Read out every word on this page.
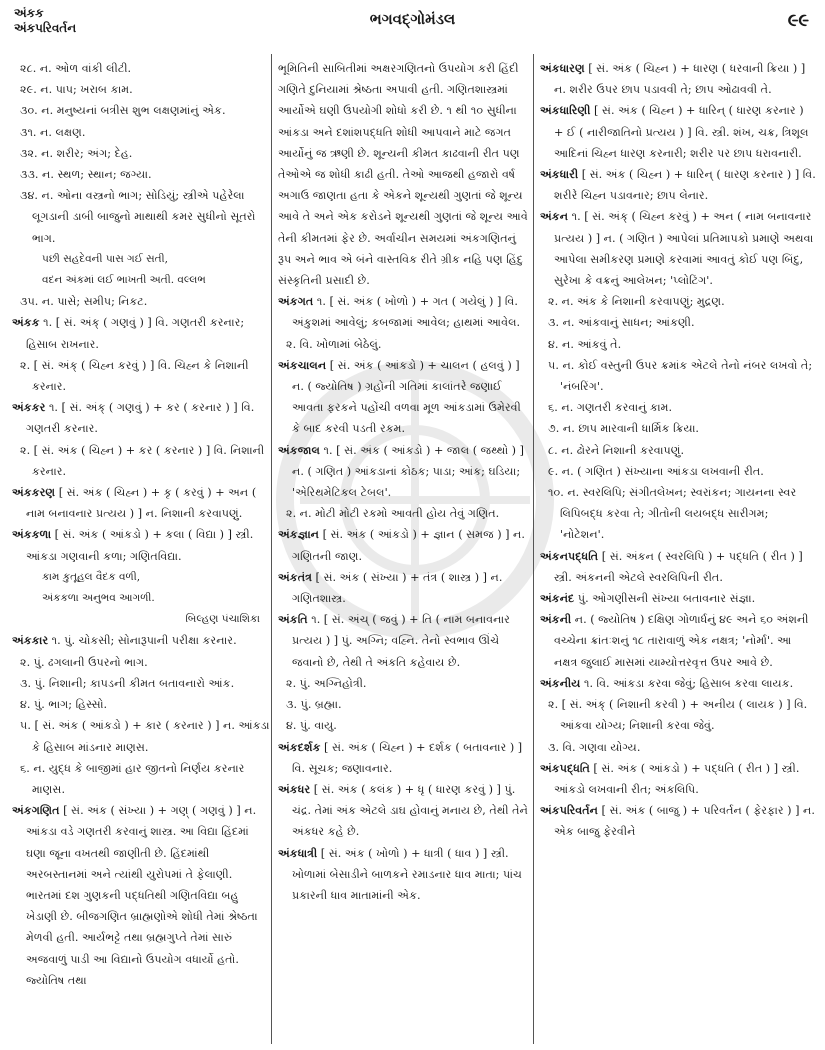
અંકક
અંકપરિવર્તન	ભગવદ્ગોમંડલ	૯૯

૨૮. ન. ઓળ વાંકી લીટી.

૨૯. ન. પાપ; ખરાબ કામ.

૩૦. ન. મનુષ્યનાં બત્રીસ શુભ લક્ષણમાંનું એક.

૩૧. ન. લક્ષણ.

૩૨. ન. શરીર; અંગ; દેહ.

૩૩. ન. સ્થળ; સ્થાન; જગ્યા.

૩૪. ન. ઓના વસ્ત્રનો ભાગ; સોડિયું; સ્ત્રીએ પહેરેલા લૂગડાની ડાબી બાજુનો માથાથી કમર સુધીનો સૂતરો ભાગ.

પછી સહદેવની પાસ ગઈ સતી,

વદન અંકમાં લઈ ભાખતી અતી. વલ્લભ

૩૫. ન. પાસે; સમીપ; નિકટ.

અંકક ૧. [ સં. અંક્ ( ગણવું ) ] વિ. ગણતરી કરનાર; હિસાબ રાખનાર.

૨. [ સં. અંક્ ( ચિહ્ન કરવું ) ] વિ. ચિહ્ન કે નિશાની કરનાર.

અંકકર ૧. [ સં. અંક્ ( ગણવું ) + કર ( કરનાર ) ] વિ. ગણતરી કરનાર.

૨. [ સં. અંક ( ચિહ્ન ) + કર ( કરનાર ) ] વિ. નિશાની કરનાર.

અંકકરણ [ સં. અંક ( ચિહ્ન ) + કૃ ( કરવું ) + અન ( નામ બનાવનાર પ્રત્યય ) ] ન. નિશાની કરવાપણું.

અંકકળા [ સં. અંક ( આંકડો ) + કલા ( વિદ્યા ) ] સ્ત્રી. આંકડા ગણવાની કળા; ગણિતવિદ્યા.

કામ કુતૂહલ વૈદક વળી,

અંકકળા અનુભવ આગળી.

બિલ્હણ પંચાશિકા

અંકકાર ૧. પું. ચોકસી; સોનારૂપાની પરીક્ષા કરનાર.

૨. પું. ઢગલાની ઉપરનો ભાગ.

૩. પું. નિશાની; કાપડની કીમત બતાવનારો આંક.

૪. પું. ભાગ; હિસ્સો.

૫. [ સં. અંક ( આંકડો ) + કાર ( કરનાર ) ] ન. આંકડા કે હિસાબ માંડનાર માણસ.

૬. ન. યુદ્ધ કે બાજીમાં હાર જીતનો નિર્ણય કરનાર માણસ.

અંકગણિત [ સં. અંક ( સંખ્યા ) + ગણ્ ( ગણવું ) ] ન. આંકડા વડે ગણતરી કરવાનું શાસ્ત્ર. આ વિદ્યા હિંદમાં ઘણા જૂના વખતથી જાણીતી છે. હિંદમાંથી અરબસ્તાનમાં અને ત્યાંથી યુરોપમાં તે ફેલાણી. ભારતમાં દશ ગુણકની પદ્ધતિથી ગણિતવિદ્યા બહુ ખેડાણી છે. બીજગણિત બ્રાહ્મણોએ શોધી તેમાં શ્રેષ્ઠતા મેળવી હતી. આર્યભટ્ટે તથા બ્રહ્મગુપ્તે તેમાં સારું અજવાળું પાડી આ વિદ્યાનો ઉપયોગ વધાર્યો હતો. જ્યોતિષ તથા

ભૂમિતિની સાબિતીમાં અક્ષરગણિતનો ઉપયોગ કરી હિંદી ગણિતે દુનિયામાં શ્રેષ્ઠતા અપાવી હતી. ગણિતશાસ્ત્રમાં આર્યોએ ઘણી ઉપયોગી શોધો કરી છે. ૧ થી ૧૦ સુધીના આંકડા અને દશાંશપદ્ધતિ શોધી આપવાને માટે જગત આર્યોનું જ ઋણી છે. શૂન્યની કીમત કાઢવાની રીત પણ તેઓએ જ શોધી કાઢી હતી. તેઓ આજથી હજારો વર્ષ અગાઉ જાણતા હતા કે એકને શૂન્યથી ગુણતાં જે શૂન્ય આવે તે અને એક કરોડને શૂન્યથી ગુણતાં જે શૂન્ય આવે તેની કીમતમાં ફેર છે. અર્વાચીન સમયમાં અંકગણિતનું રૂપ અને ભાવ એ બંને વાસ્તવિક રીતે ગ્રીક નહિ પણ હિંદુ સંસ્કૃતિની પ્રસાદી છે.

અંકગત ૧. [ સં. અંક ( ખોળો ) + ગત ( ગયેલું ) ] વિ. અંકુશમાં આવેલું; કબજામાં આવેલ; હાથમાં આવેલ.

૨. વિ. ખોળામાં બેઠેલું.

અંકચાલન [ સં. અંક ( આંકડો ) + ચાલન ( હલવું ) ] ન. ( જ્યોતિષ ) ગ્રહોની ગતિમાં કાલાંતરે જણાઈ આવતા ફરકને પહોંચી વળવા મૂળ આંકડામાં ઉમેરવી કે બાદ કરવી પડતી રકમ.

અંકજાલ ૧. [ સં. અંક ( આંકડો ) + જાલ ( જથ્થો ) ] ન. ( ગણિત ) આંકડાનાં કોઠક; પાડા; આંક; ઘડિયા; 'એરિથમેટિકલ ટેબલ'.

૨. ન. મોટી મોટી રકમો આવતી હોય તેવું ગણિત.

અંકજ્ઞાન [ સં. અંક ( આંકડો ) + જ્ઞાન ( સમજ ) ] ન. ગણિતની જાણ.

અંકતંત્ર [ સં. અંક ( સંખ્યા ) + તંત્ર ( શાસ્ત્ર ) ] ન. ગણિતશાસ્ત્ર.

અંકતિ ૧. [ સં. અંચ્ ( જવું ) + તિ ( નામ બનાવનાર પ્રત્યય ) ] પું. અગ્નિ; વહ્નિ. તેનો સ્વભાવ ઊંચે જવાનો છે, તેથી તે અંકતિ કહેવાય છે.

૨. પું. અગ્નિહોત્રી.

૩. પું. બ્રહ્મા.

૪. પું. વાયુ.

અંકદર્શક [ સં. અંક ( ચિહ્ન ) + દર્શક ( બતાવનાર ) ] વિ. સૂચક; જણાવનાર.

અંકધર [ સં. અંક ( કલંક ) + ધૃ ( ધારણ કરવું ) ] પું. ચંદ્ર. તેમાં અંક એટલે ડાઘ હોવાનું મનાય છે, તેથી તેને અંકધર કહે છે.

અંકધાત્રી [ સં. અંક ( ખોળો ) + ધાત્રી ( ધાવ ) ] સ્ત્રી. ખોળામાં બેસાડીને બાળકને રમાડનાર ધાવ માતા; પાંચ પ્રકારની ધાવ માતામાંની એક.

અંકધારણ [ સં. અંક ( ચિહ્ન ) + ધારણ ( ધરવાની ક્રિયા ) ] ન. શરીર ઉપર છાપ પડાવવી તે; છાપ ઓઢાવવી તે.

અંકધારિણી [ સં. અંક ( ચિહ્ન ) + ધારિન્ ( ધારણ કરનાર ) + ઈ ( નારીજાતિનો પ્રત્યય ) ] વિ. સ્ત્રી. શંખ, ચક્ર, ત્રિશૂલ આદિનાં ચિહ્ન ધારણ કરનારી; શરીર પર છાપ ધરાવનારી.

અંકધારી [ સં. અંક ( ચિહ્ન ) + ધારિન્ ( ધારણ કરનાર ) ] વિ. શરીરે ચિહ્ન પડાવનાર; છાપ લેનાર.

અંકન ૧. [ સં. અંક્ ( ચિહ્ન કરવું ) + અન ( નામ બનાવનાર પ્રત્યય ) ] ન. ( ગણિત ) આપેલાં પ્રતિમાપકો પ્રમાણે અથવા આપેલા સમીકરણ પ્રમાણે કરવામાં આવતું કોઈ પણ બિંદુ, સુરેખા કે વક્રનું આલેખન; 'પ્લોટિંગ'.

૨. ન. અંક કે નિશાની કરવાપણું; મુદ્રણ.

૩. ન. આંકવાનું સાધન; આંકણી.

૪. ન. આંકવું તે.

૫. ન. કોઈ વસ્તુની ઉપર ક્રમાંક એટલે તેનો નંબર લખવો તે; 'નંબરિંગ'.

૬. ન. ગણતરી કરવાનું કામ.

૭. ન. છાપ મારવાની ધાર્મિક ક્રિયા.

૮. ન. ઢોરને નિશાની કરવાપણું.

૯. ન. ( ગણિત ) સંખ્યાના આંકડા લખવાની રીત.

૧૦. ન. સ્વરલિપિ; સંગીતલેખન; સ્વરાંકન; ગાયનના સ્વર લિપિબદ્ધ કરવા તે; ગીતોની લયબદ્ધ સારીગમ; 'નોટેશન'.

અંકનપદ્ધતિ [ સં. અંકન ( સ્વરલિપિ ) + પદ્ધતિ ( રીત ) ] સ્ત્રી. અંકનની એટલે સ્વરલિપિની રીત.

અંકનંદ પું. ઓગણીસની સંખ્યા બતાવનાર સંજ્ઞા.

અંકની ન. ( જ્યોતિષ ) દક્ષિણ ગોળાર્ધનું ૪૯ અને ૬૦ અંશની વચ્ચેના ક્રાંતઃશનું ૧૮ તારાવાળું એક નક્ષત્ર; 'નોર્મા'. આ નક્ષત્ર જુલાઈ માસમાં યામ્યોત્તરવૃત્ત ઉપર આવે છે.

અંકનીય ૧. વિ. આંકડા કરવા જેવું; હિસાબ કરવા લાયક.

૨. [ સં. અંક્ ( નિશાની કરવી ) + અનીય ( લાયક ) ] વિ. આંકવા યોગ્ય; નિશાની કરવા જેવું.

૩. વિ. ગણવા યોગ્ય.

અંકપદ્ધતિ [ સં. અંક ( આંકડો ) + પદ્ધતિ ( રીત ) ] સ્ત્રી. આંકડો લખવાની રીત; અંકલિપિ.

અંકપરિવર્તન [ સં. અંક ( બાજુ ) + પરિવર્તન ( ફેરફાર ) ] ન. એક બાજુ ફેરવીને
